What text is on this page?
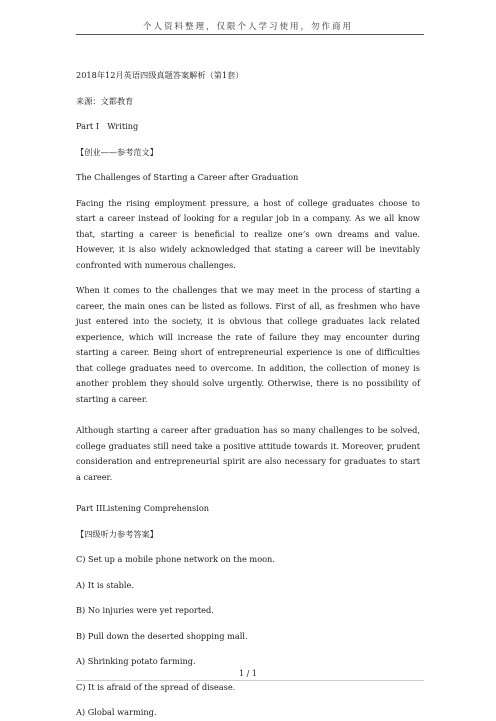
个人资料整理，仅限个人学习使用，勿作商用

2018年12月英语四级真题答案解析（第1套）

来源：文都教育

Part I　Writing

【创业——参考范文】

The Challenges of Starting a Career after Graduation

Facing the rising employment pressure, a host of college graduates choose to start a career instead of looking for a regular job in a company. As we all know that, starting a career is beneficial to realize one’s own dreams and value. However, it is also widely acknowledged that stating a career will be inevitably confronted with numerous challenges.

When it comes to the challenges that we may meet in the process of starting a career, the main ones can be listed as follows. First of all, as freshmen who have just entered into the society, it is obvious that college graduates lack related experience, which will increase the rate of failure they may encounter during starting a career. Being short of entrepreneurial experience is one of difficulties that college graduates need to overcome. In addition, the collection of money is another problem they should solve urgently. Otherwise, there is no possibility of starting a career.

Although starting a career after graduation has so many challenges to be solved, college graduates still need take a positive attitude towards it. Moreover, prudent consideration and entrepreneurial spirit are also necessary for graduates to start a career.

Part IIListening Comprehension

【四级听力参考答案】

C) Set up a mobile phone network on the moon.

A) It is stable.

B) No injuries were yet reported.

B) Pull down the deserted shopping mall.

A) Shrinking potato farming.

C) It is afraid of the spread of disease.

A) Global warming.

1 / 1
